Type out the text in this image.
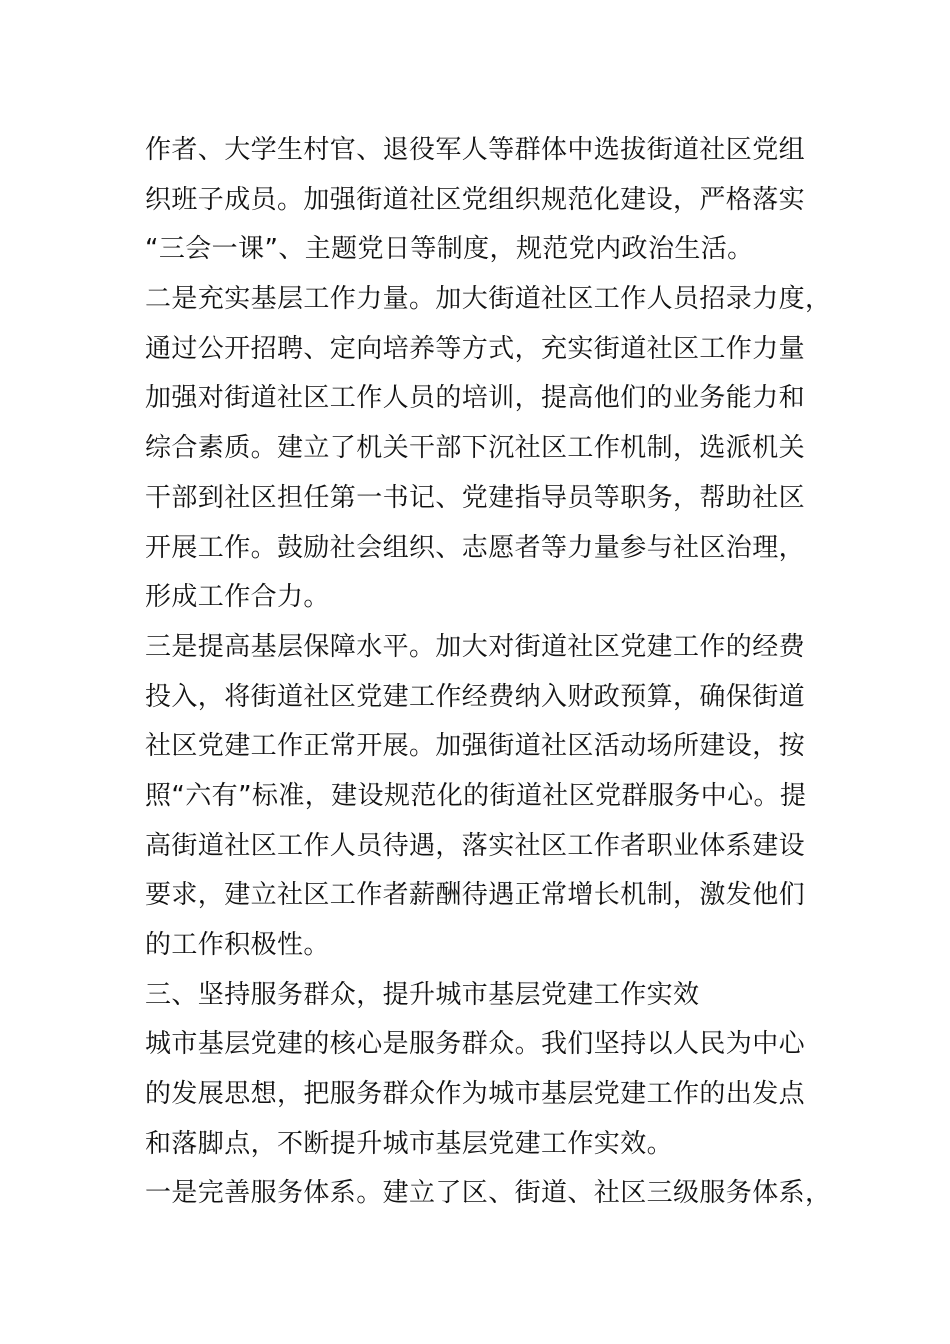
作者、大学生村官、退役军人等群体中选拔街道社区党组
织班子成员。加强街道社区党组织规范化建设，严格落实
“三会一课”、主题党日等制度，规范党内政治生活。
二是充实基层工作力量。加大街道社区工作人员招录力度，
通过公开招聘、定向培养等方式，充实街道社区工作力量
加强对街道社区工作人员的培训，提高他们的业务能力和
综合素质。建立了机关干部下沉社区工作机制，选派机关
干部到社区担任第一书记、党建指导员等职务，帮助社区
开展工作。鼓励社会组织、志愿者等力量参与社区治理，
形成工作合力。
三是提高基层保障水平。加大对街道社区党建工作的经费
投入，将街道社区党建工作经费纳入财政预算，确保街道
社区党建工作正常开展。加强街道社区活动场所建设，按
照“六有”标准，建设规范化的街道社区党群服务中心。提
高街道社区工作人员待遇，落实社区工作者职业体系建设
要求，建立社区工作者薪酬待遇正常增长机制，激发他们
的工作积极性。
三、坚持服务群众，提升城市基层党建工作实效
城市基层党建的核心是服务群众。我们坚持以人民为中心
的发展思想，把服务群众作为城市基层党建工作的出发点
和落脚点，不断提升城市基层党建工作实效。
一是完善服务体系。建立了区、街道、社区三级服务体系，
